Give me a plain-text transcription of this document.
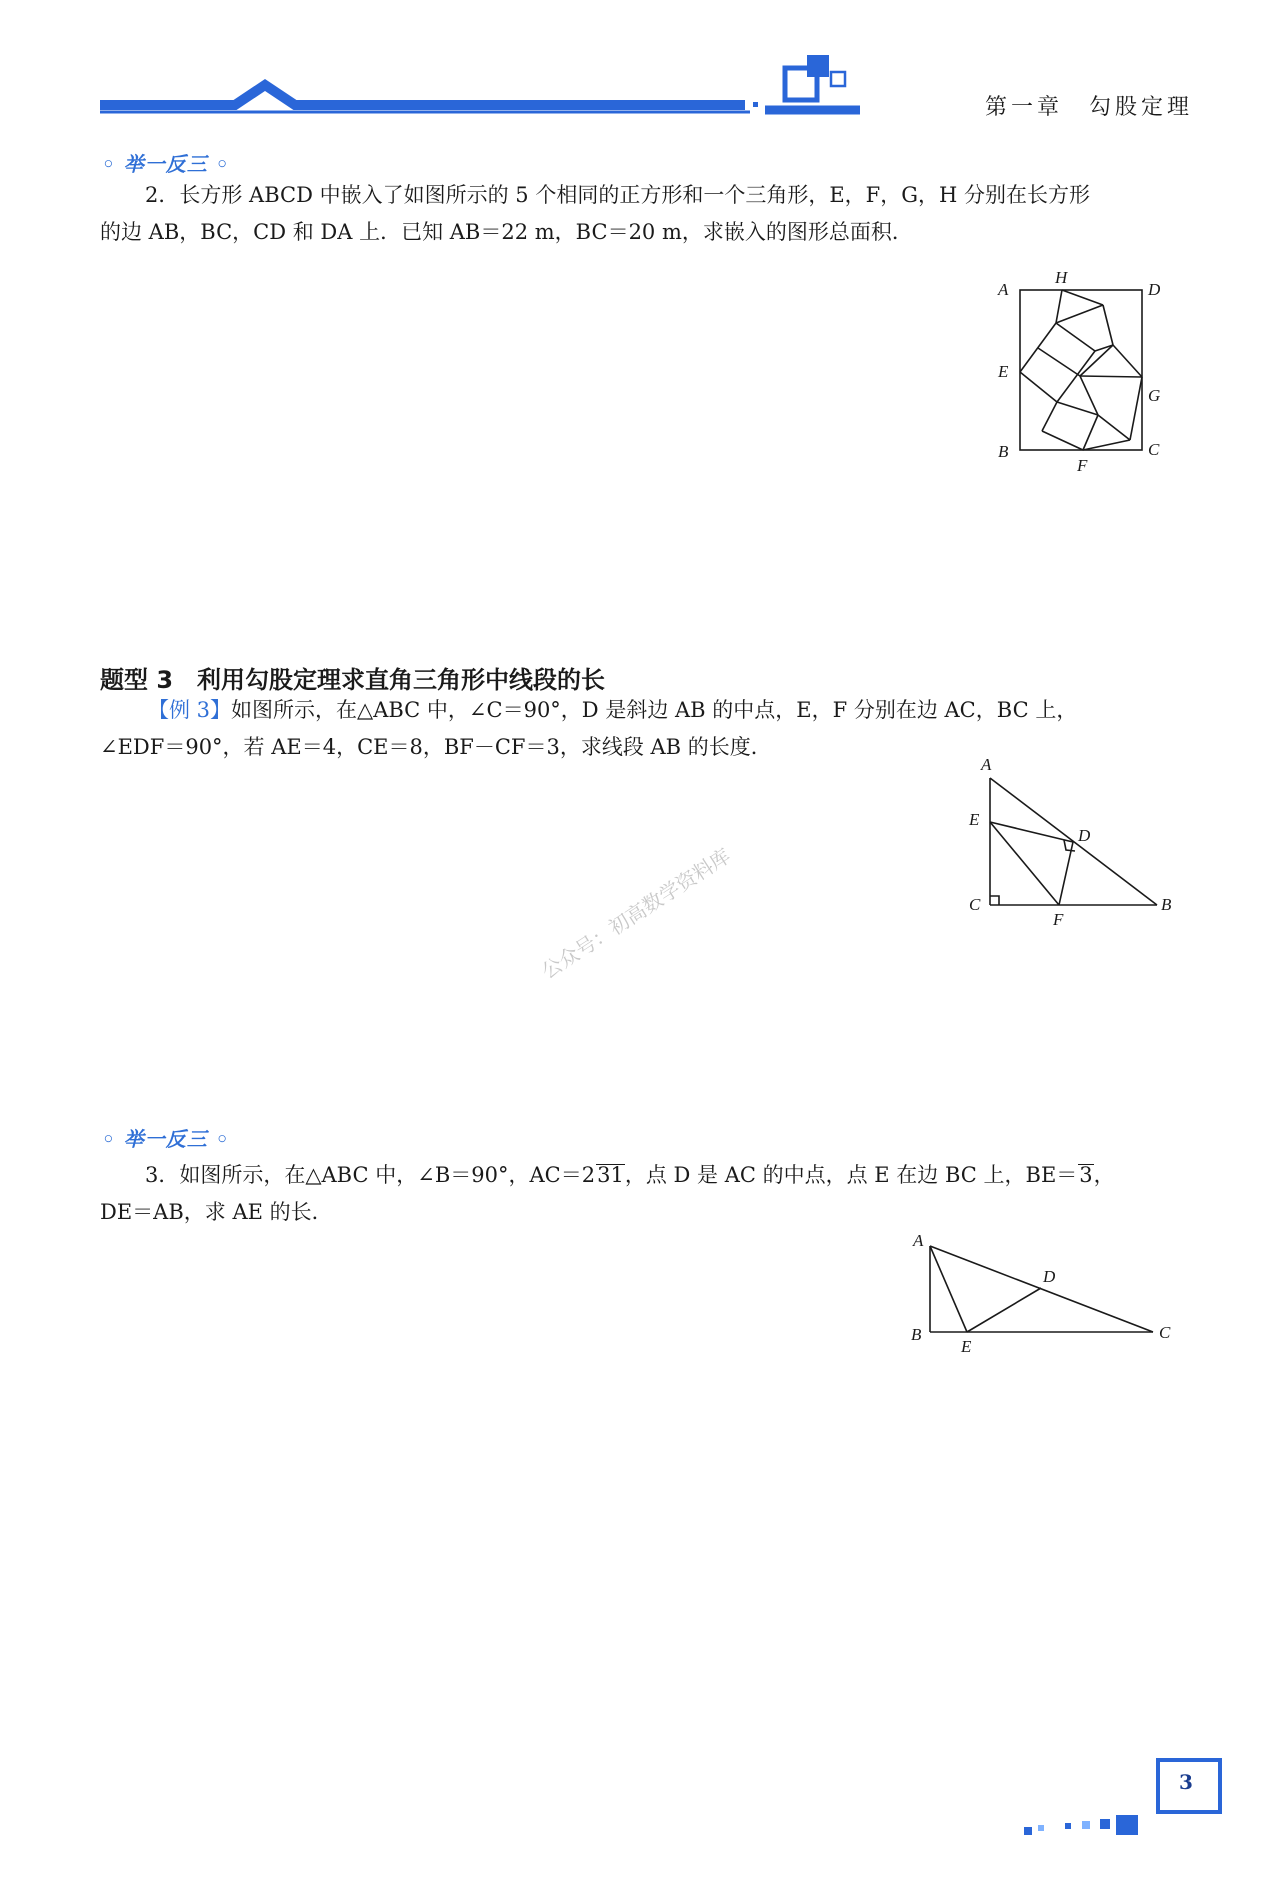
第一章　勾股定理
◦ 举一反三 ◦
2．长方形 ABCD 中嵌入了如图所示的 5 个相同的正方形和一个三角形，E，F，G，H 分别在长方形
的边 AB，BC，CD 和 DA 上．已知 AB＝22 m，BC＝20 m，求嵌入的图形总面积．
A
H
D
E
G
B
F
C
题型 3　利用勾股定理求直角三角形中线段的长
【例 3】如图所示，在△ABC 中，∠C＝90°，D 是斜边 AB 的中点，E，F 分别在边 AC，BC 上，
∠EDF＝90°，若 AE＝4，CE＝8，BF－CF＝3，求线段 AB 的长度．
A
E
D
C	B
F
公众号：初高数学资料库
◦ 举一反三 ◦
3．如图所示，在△ABC 中，∠B＝90°，AC＝231，点 D 是 AC 的中点，点 E 在边 BC 上，BE＝3，
DE＝AB，求 AE 的长．
A
D
B
E
C
3
